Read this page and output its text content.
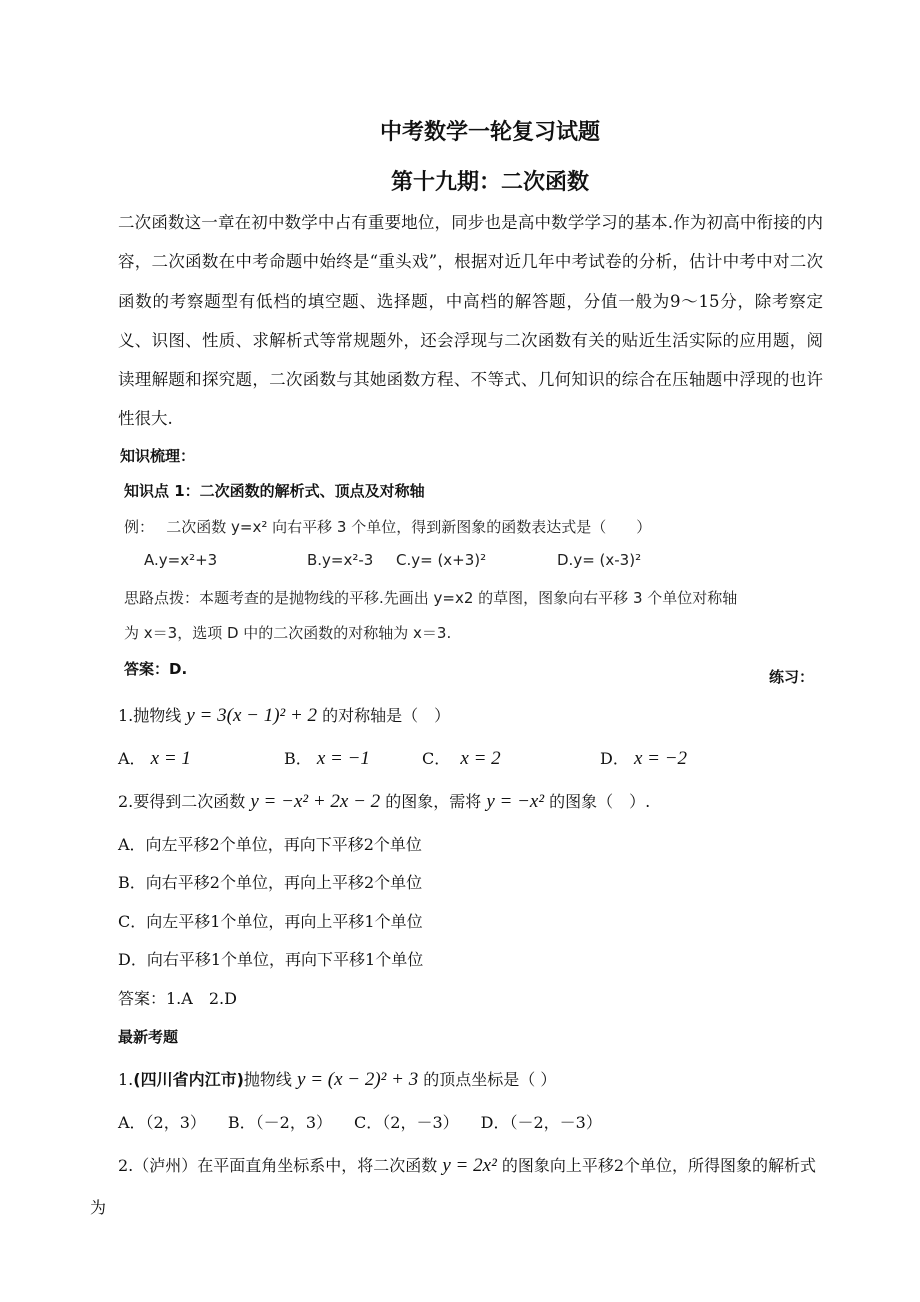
中考数学一轮复习试题
第十九期：二次函数
二次函数这一章在初中数学中占有重要地位，同步也是高中数学学习的基本.作为初高中衔接的内容，二次函数在中考命题中始终是“重头戏”，根据对近几年中考试卷的分析，估计中考中对二次函数的考察题型有低档的填空题、选择题，中高档的解答题，分值一般为9～15分，除考察定义、识图、性质、求解析式等常规题外，还会浮现与二次函数有关的贴近生活实际的应用题，阅读理解题和探究题，二次函数与其她函数方程、不等式、几何知识的综合在压轴题中浮现的也许性很大.
知识梳理：
知识点 1：二次函数的解析式、顶点及对称轴
例：　 二次函数 y=x² 向右平移 3 个单位，得到新图象的函数表达式是（　　）
A.y=x²+3	B.y=x²-3 C.y= (x+3)²	D.y= (x-3)²
思路点拨：本题考查的是抛物线的平移.先画出 y=x2 的草图，图象向右平移 3 个单位对称轴
为 x＝3，选项 D 中的二次函数的对称轴为 x＝3.
答案：D.	练习：
1.抛物线 y = 3(x − 1)² + 2 的对称轴是（　）
A． x = 1	B． x = −1	C． x = 2	D． x = −2
2.要得到二次函数 y = −x² + 2x − 2 的图象，需将 y = −x² 的图象（　）.
A．向左平移2个单位，再向下平移2个单位
B．向右平移2个单位，再向上平移2个单位
C．向左平移1个单位，再向上平移1个单位
D．向右平移1个单位，再向下平移1个单位
答案：1.A　2.D
最新考题
1.(四川省内江市)抛物线 y = (x − 2)² + 3 的顶点坐标是（ ）
A．（2，3） B．（－2，3） C．（2，－3） D．（－2，－3）
2.（泸州）在平面直角坐标系中，将二次函数 y = 2x² 的图象向上平移2个单位，所得图象的解析式
为
